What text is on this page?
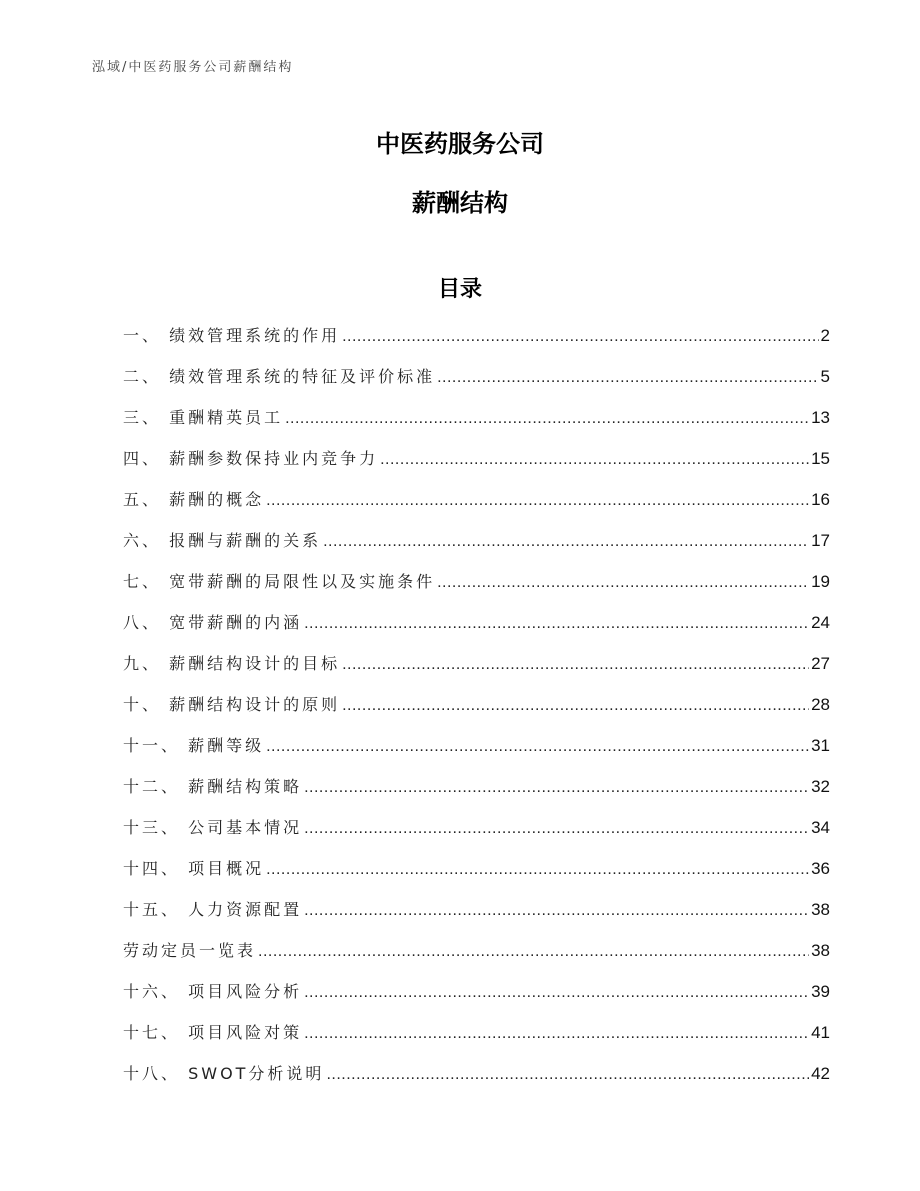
泓域/中医药服务公司薪酬结构
中医药服务公司
薪酬结构
目录
一、 绩效管理系统的作用 .....	2
二、 绩效管理系统的特征及评价标准 .....	5
三、 重酬精英员工 .....	13
四、 薪酬参数保持业内竞争力 .....	15
五、 薪酬的概念 .....	16
六、 报酬与薪酬的关系 .....	17
七、 宽带薪酬的局限性以及实施条件 .....	19
八、 宽带薪酬的内涵 .....	24
九、 薪酬结构设计的目标 .....	27
十、 薪酬结构设计的原则 .....	28
十一、 薪酬等级 .....	31
十二、 薪酬结构策略 .....	32
十三、 公司基本情况 .....	34
十四、 项目概况 .....	36
十五、 人力资源配置 .....	38
劳动定员一览表 .....	38
十六、 项目风险分析 .....	39
十七、 项目风险对策 .....	41
十八、 SWOT分析说明 .....	42
